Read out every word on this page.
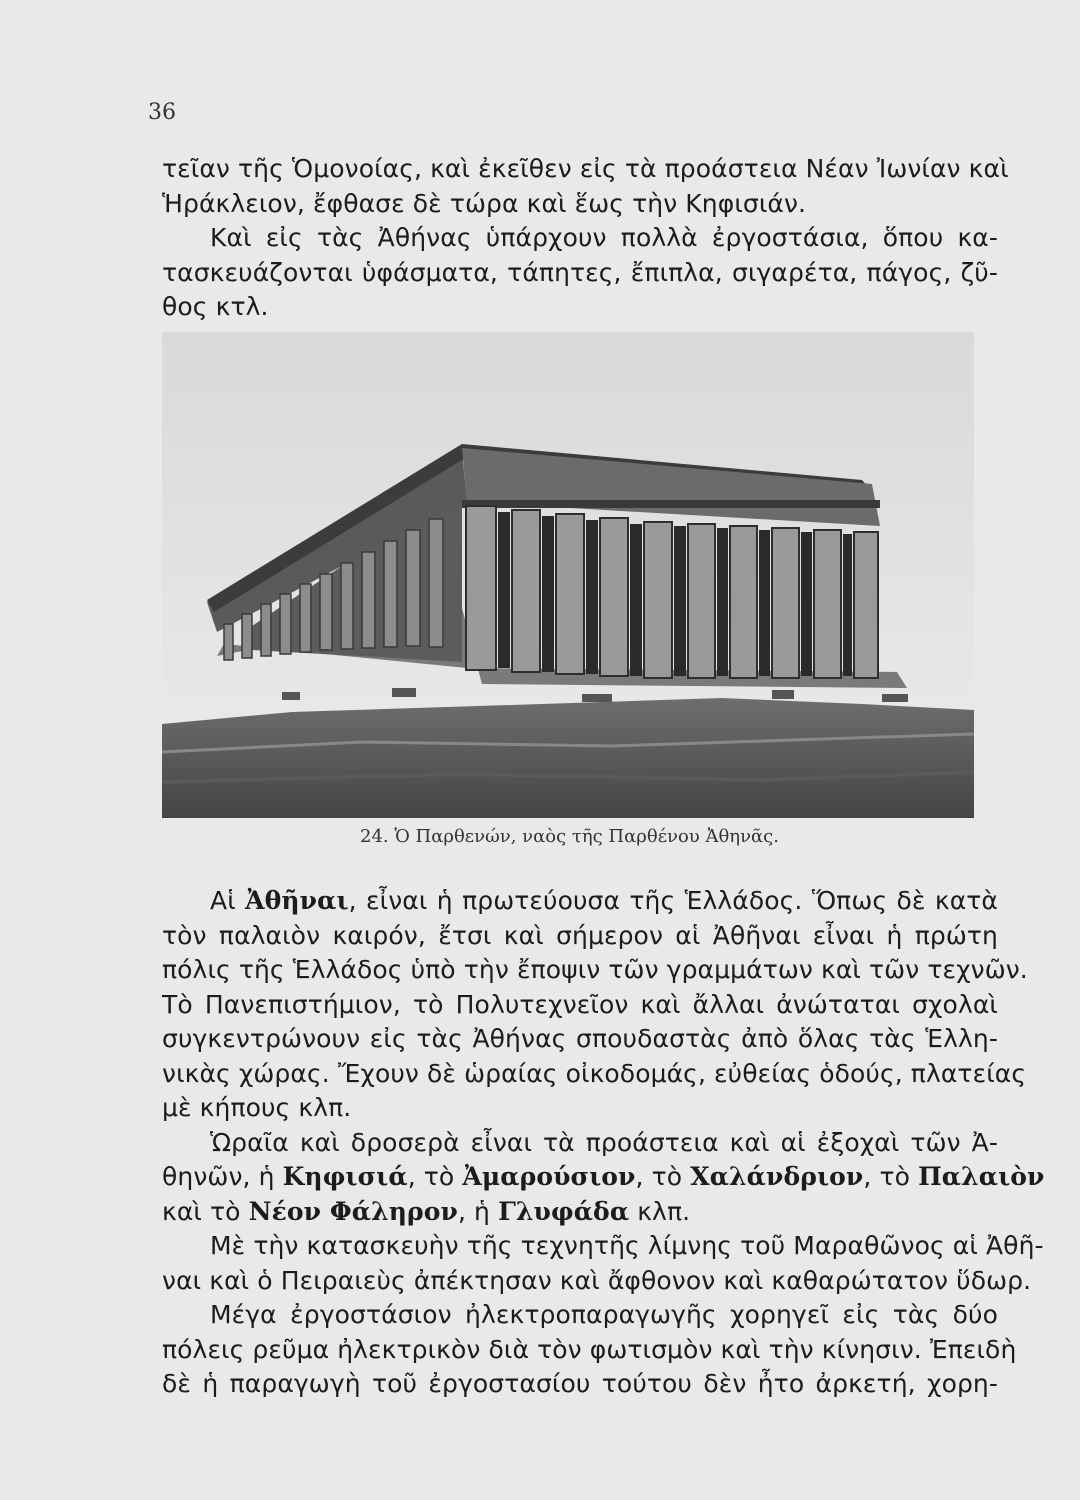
36
τεῖαν τῆς Ὁμονοίας, καὶ ἐκεῖθεν εἰς τὰ προάστεια Νέαν Ἰωνίαν καὶ
Ἡράκλειον, ἔφθασε δὲ τώρα καὶ ἕως τὴν Κηφισιάν.
Καὶ εἰς τὰς Ἀθήνας ὑπάρχουν πολλὰ ἐργοστάσια, ὅπου κα-
τασκευάζονται ὑφάσματα, τάπητες, ἔπιπλα, σιγαρέτα, πάγος, ζῦ-
θος κτλ.
24. Ὁ Παρθενών, ναὸς τῆς Παρθένου Ἀθηνᾶς.
Αἱ Ἀθῆναι, εἶναι ἡ πρωτεύουσα τῆς Ἑλλάδος. Ὅπως δὲ κατὰ
τὸν παλαιὸν καιρόν, ἔτσι καὶ σήμερον αἱ Ἀθῆναι εἶναι ἡ πρώτη
πόλις τῆς Ἑλλάδος ὑπὸ τὴν ἔποψιν τῶν γραμμάτων καὶ τῶν τεχνῶν.
Τὸ Πανεπιστήμιον, τὸ Πολυτεχνεῖον καὶ ἄλλαι ἀνώταται σχολαὶ
συγκεντρώνουν εἰς τὰς Ἀθήνας σπουδαστὰς ἀπὸ ὅλας τὰς Ἑλλη-
νικὰς χώρας. Ἔχουν δὲ ὡραίας οἰκοδομάς, εὐθείας ὁδούς, πλατείας
μὲ κήπους κλπ.
Ὡραῖα καὶ δροσερὰ εἶναι τὰ προάστεια καὶ αἱ ἐξοχαὶ τῶν Ἀ-
θηνῶν, ἡ Κηφισιά, τὸ Ἀμαρούσιον, τὸ Χαλάνδριον, τὸ Παλαιὸν
καὶ τὸ Νέον Φάληρον, ἡ Γλυφάδα κλπ.
Μὲ τὴν κατασκευὴν τῆς τεχνητῆς λίμνης τοῦ Μαραθῶνος αἱ Ἀθῆ-
ναι καὶ ὁ Πειραιεὺς ἀπέκτησαν καὶ ἄφθονον καὶ καθαρώτατον ὕδωρ.
Μέγα ἐργοστάσιον ἠλεκτροπαραγωγῆς χορηγεῖ εἰς τὰς δύο
πόλεις ρεῦμα ἠλεκτρικὸν διὰ τὸν φωτισμὸν καὶ τὴν κίνησιν. Ἐπειδὴ
δὲ ἡ παραγωγὴ τοῦ ἐργοστασίου τούτου δὲν ἦτο ἀρκετή, χορη-
